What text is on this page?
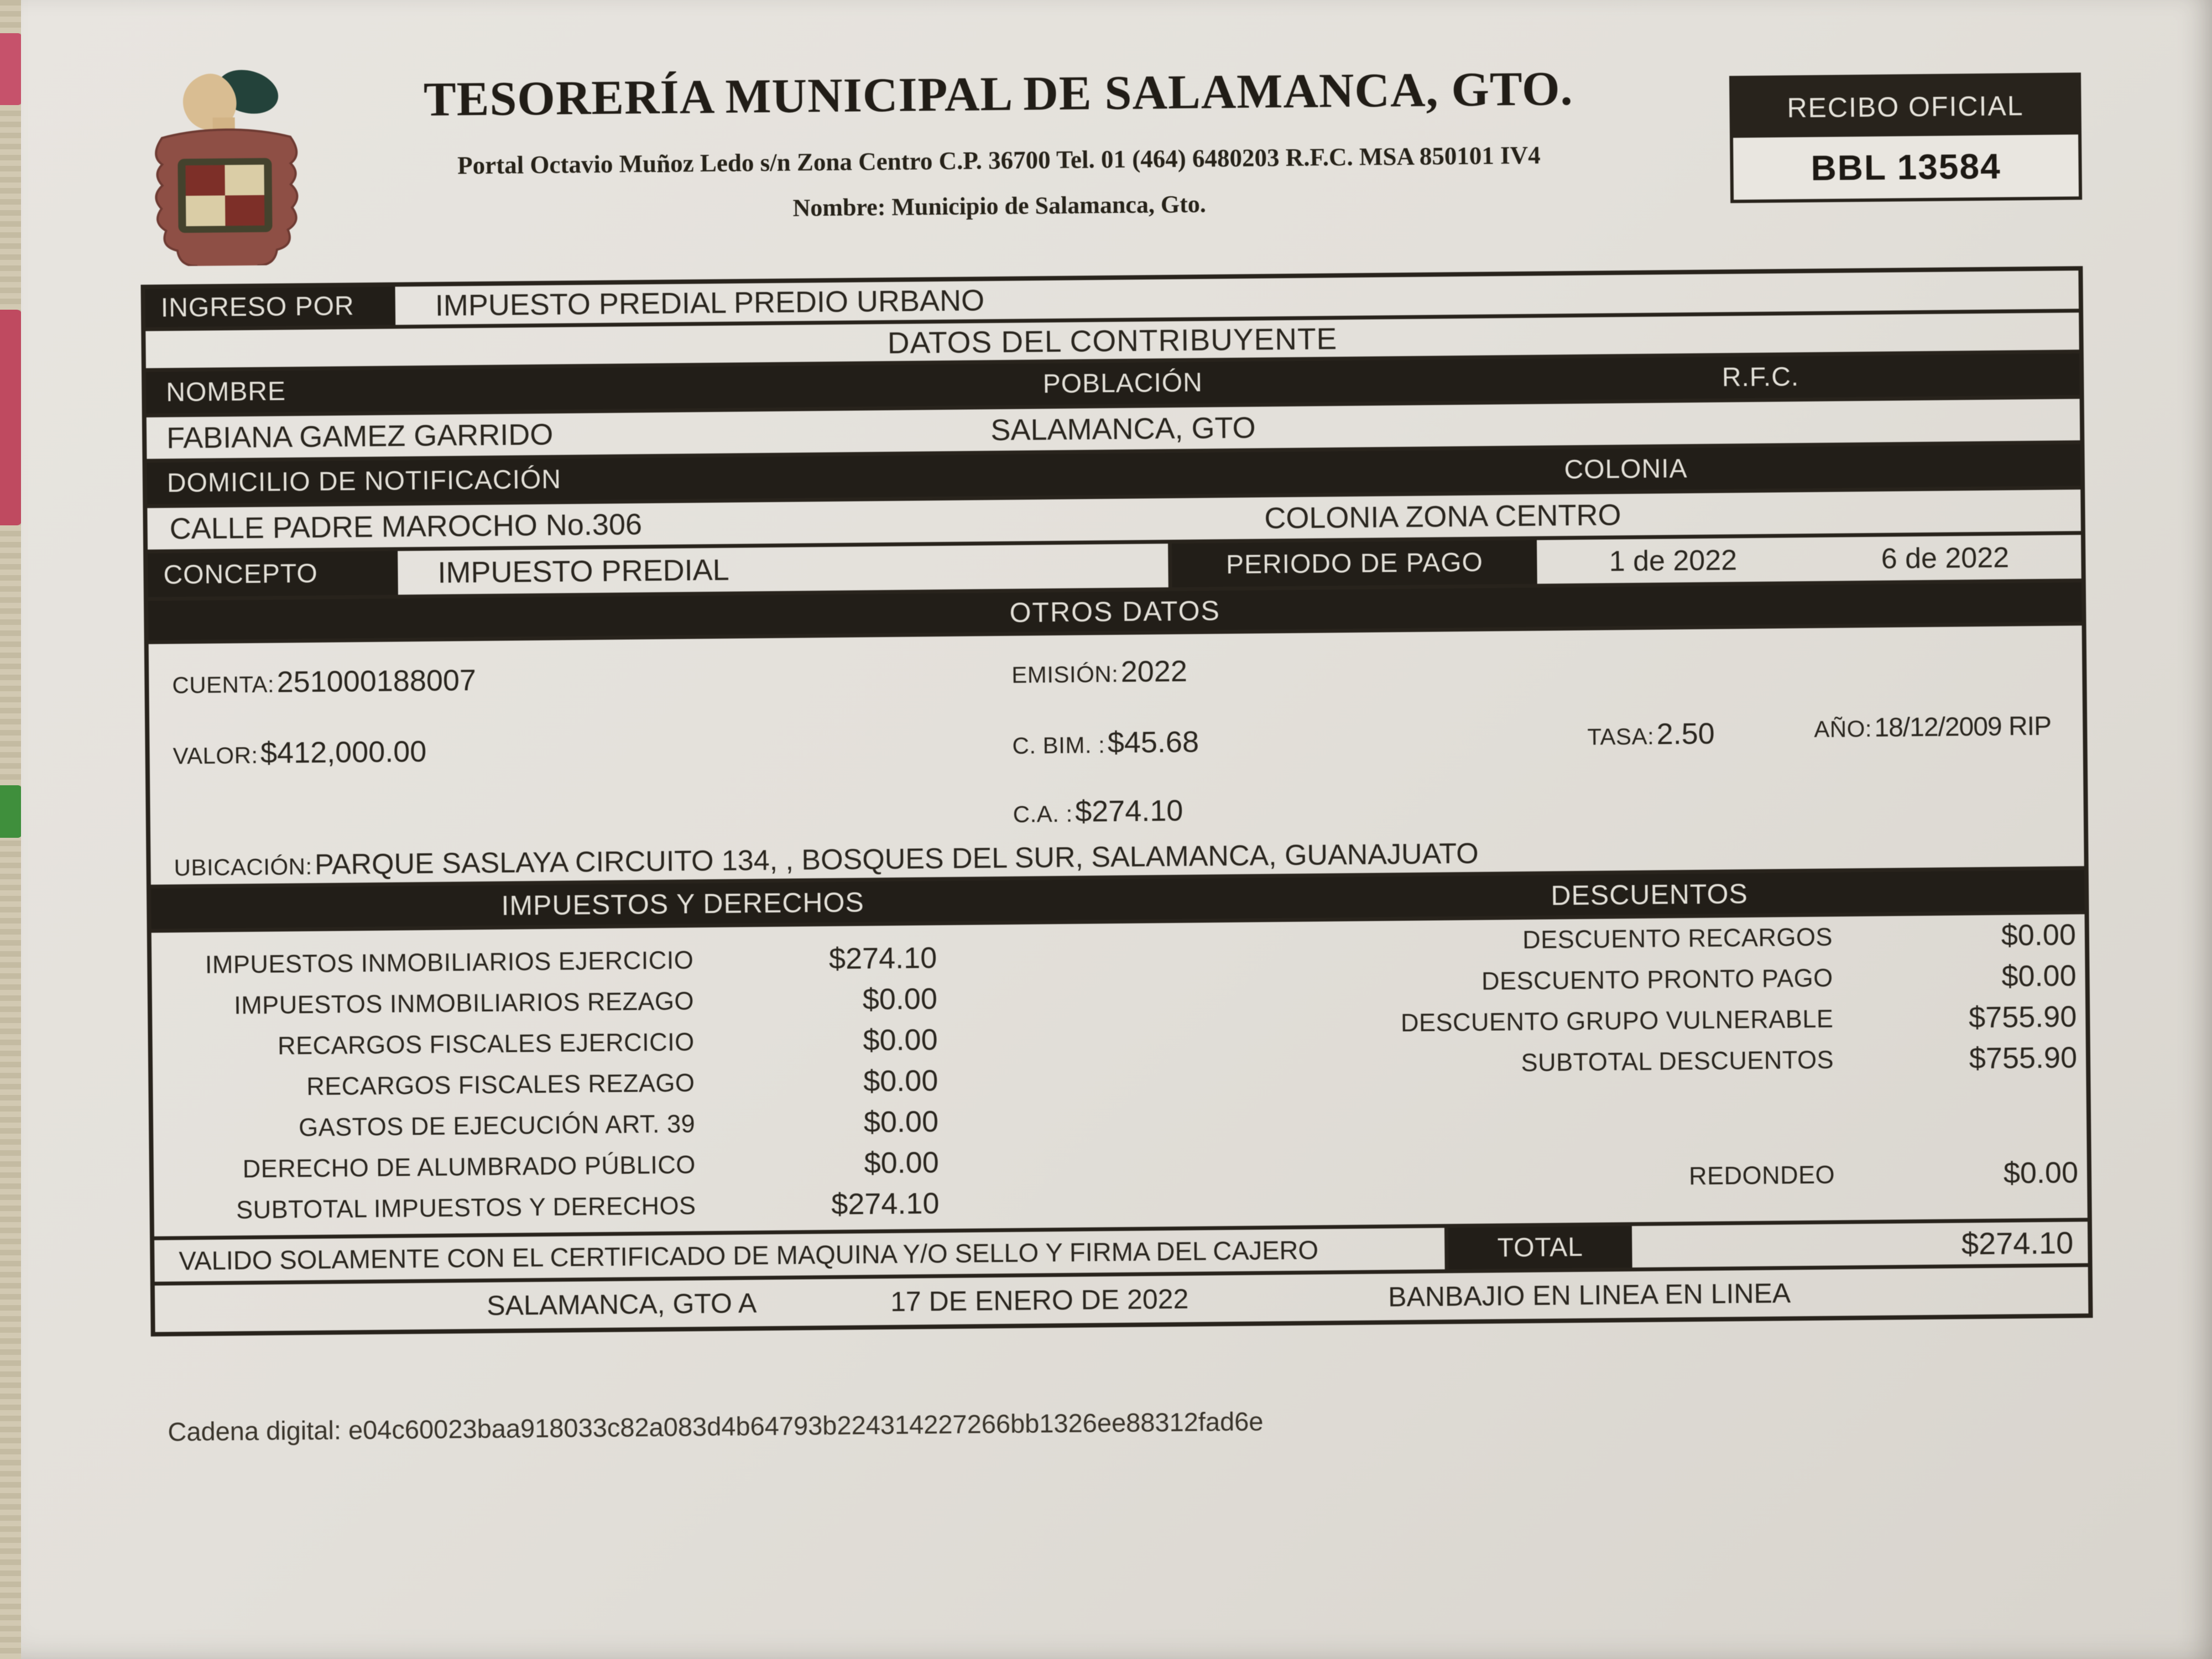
TESORERÍA MUNICIPAL DE SALAMANCA, GTO.
Portal Octavio Muñoz Ledo s/n Zona Centro C.P. 36700 Tel. 01 (464) 6480203 R.F.C. MSA 850101 IV4
Nombre: Municipio de Salamanca, Gto.
RECIBO OFICIAL
BBL 13584
INGRESO POR	IMPUESTO PREDIAL PREDIO URBANO
DATOS DEL CONTRIBUYENTE
NOMBRE	POBLACIÓN	R.F.C.
FABIANA GAMEZ GARRIDO	SALAMANCA, GTO
DOMICILIO DE NOTIFICACIÓN	COLONIA
CALLE PADRE MAROCHO No.306	COLONIA ZONA CENTRO
CONCEPTO	IMPUESTO PREDIAL	PERIODO DE PAGO	1 de 2022	6 de 2022
OTROS DATOS
CUENTA: 251000188007	EMISIÓN: 2022
VALOR: $412,000.00	C. BIM. : $45.68	TASA: 2.50	AÑO: 18/12/2009 RIP
C.A. : $274.10
UBICACIÓN: PARQUE SASLAYA CIRCUITO 134, , BOSQUES DEL SUR, SALAMANCA, GUANAJUATO
IMPUESTOS Y DERECHOS	DESCUENTOS
IMPUESTOS INMOBILIARIOS EJERCICIO	$274.10
IMPUESTOS INMOBILIARIOS REZAGO	$0.00
RECARGOS FISCALES EJERCICIO	$0.00
RECARGOS FISCALES REZAGO	$0.00
GASTOS DE EJECUCIÓN ART. 39	$0.00
DERECHO DE ALUMBRADO PÚBLICO	$0.00
SUBTOTAL IMPUESTOS Y DERECHOS	$274.10
DESCUENTO RECARGOS	$0.00
DESCUENTO PRONTO PAGO	$0.00
DESCUENTO GRUPO VULNERABLE	$755.90
SUBTOTAL DESCUENTOS	$755.90
REDONDEO	$0.00
VALIDO SOLAMENTE CON EL CERTIFICADO DE MAQUINA Y/O SELLO Y FIRMA DEL CAJERO	TOTAL	$274.10
SALAMANCA, GTO A	17 DE ENERO DE 2022	BANBAJIO EN LINEA EN LINEA
Cadena digital: e04c60023baa918033c82a083d4b64793b224314227266bb1326ee88312fad6e
